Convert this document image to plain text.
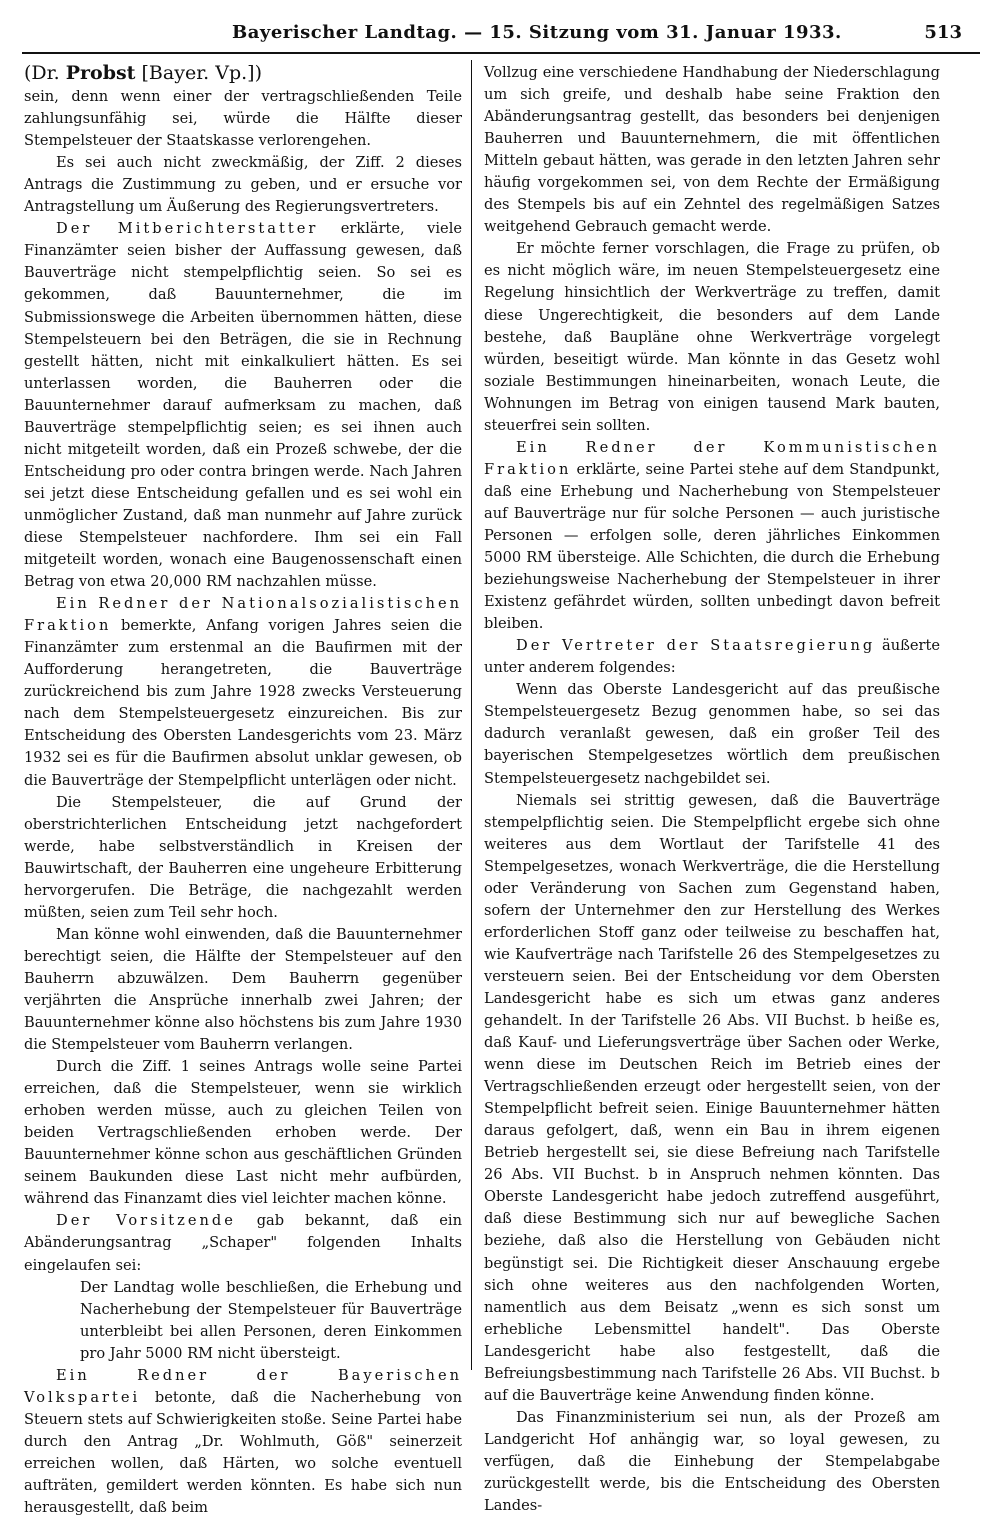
Bayerischer Landtag. — 15. Sitzung vom 31. Januar 1933.	513

(Dr. Probst [Bayer. Vp.])

sein, denn wenn einer der vertragschließenden Teile zahlungsunfähig sei, würde die Hälfte dieser Stempelsteuer der Staatskasse verlorengehen.

Es sei auch nicht zweckmäßig, der Ziff. 2 dieses Antrags die Zustimmung zu geben, und er ersuche vor Antragstellung um Äußerung des Regierungsvertreters.

Der Mitberichterstatter erklärte, viele Finanzämter seien bisher der Auffassung gewesen, daß Bauverträge nicht stempelpflichtig seien. So sei es gekommen, daß Bauunternehmer, die im Submissionswege die Arbeiten übernommen hätten, diese Stempelsteuern bei den Beträgen, die sie in Rechnung gestellt hätten, nicht mit einkalkuliert hätten. Es sei unterlassen worden, die Bauherren oder die Bauunternehmer darauf aufmerksam zu machen, daß Bauverträge stempelpflichtig seien; es sei ihnen auch nicht mitgeteilt worden, daß ein Prozeß schwebe, der die Entscheidung pro oder contra bringen werde. Nach Jahren sei jetzt diese Entscheidung gefallen und es sei wohl ein unmöglicher Zustand, daß man nunmehr auf Jahre zurück diese Stempelsteuer nachfordere. Ihm sei ein Fall mitgeteilt worden, wonach eine Baugenossenschaft einen Betrag von etwa 20,000 RM nachzahlen müsse.

Ein Redner der Nationalsozialistischen Fraktion bemerkte, Anfang vorigen Jahres seien die Finanzämter zum erstenmal an die Baufirmen mit der Aufforderung herangetreten, die Bauverträge zurückreichend bis zum Jahre 1928 zwecks Versteuerung nach dem Stempelsteuergesetz einzureichen. Bis zur Entscheidung des Obersten Landesgerichts vom 23. März 1932 sei es für die Baufirmen absolut unklar gewesen, ob die Bauverträge der Stempelpflicht unterlägen oder nicht.

Die Stempelsteuer, die auf Grund der oberstrichterlichen Entscheidung jetzt nachgefordert werde, habe selbstverständlich in Kreisen der Bauwirtschaft, der Bauherren eine ungeheure Erbitterung hervorgerufen. Die Beträge, die nachgezahlt werden müßten, seien zum Teil sehr hoch.

Man könne wohl einwenden, daß die Bauunternehmer berechtigt seien, die Hälfte der Stempelsteuer auf den Bauherrn abzuwälzen. Dem Bauherrn gegenüber verjährten die Ansprüche innerhalb zwei Jahren; der Bauunternehmer könne also höchstens bis zum Jahre 1930 die Stempelsteuer vom Bauherrn verlangen.

Durch die Ziff. 1 seines Antrags wolle seine Partei erreichen, daß die Stempelsteuer, wenn sie wirklich erhoben werden müsse, auch zu gleichen Teilen von beiden Vertragschließenden erhoben werde. Der Bauunternehmer könne schon aus geschäftlichen Gründen seinem Baukunden diese Last nicht mehr aufbürden, während das Finanzamt dies viel leichter machen könne.

Der Vorsitzende gab bekannt, daß ein Abänderungsantrag „Schaper" folgenden Inhalts eingelaufen sei:

Der Landtag wolle beschließen, die Erhebung und Nacherhebung der Stempelsteuer für Bauverträge unterbleibt bei allen Personen, deren Einkommen pro Jahr 5000 RM nicht übersteigt.

Ein Redner der Bayerischen Volkspartei betonte, daß die Nacherhebung von Steuern stets auf Schwierigkeiten stoße. Seine Partei habe durch den Antrag „Dr. Wohlmuth, Göß" seinerzeit erreichen wollen, daß Härten, wo solche eventuell aufträten, gemildert werden könnten. Es habe sich nun herausgestellt, daß beim

Vollzug eine verschiedene Handhabung der Niederschlagung um sich greife, und deshalb habe seine Fraktion den Abänderungsantrag gestellt, das besonders bei denjenigen Bauherren und Bauunternehmern, die mit öffentlichen Mitteln gebaut hätten, was gerade in den letzten Jahren sehr häufig vorgekommen sei, von dem Rechte der Ermäßigung des Stempels bis auf ein Zehntel des regelmäßigen Satzes weitgehend Gebrauch gemacht werde.

Er möchte ferner vorschlagen, die Frage zu prüfen, ob es nicht möglich wäre, im neuen Stempelsteuergesetz eine Regelung hinsichtlich der Werkverträge zu treffen, damit diese Ungerechtigkeit, die besonders auf dem Lande bestehe, daß Baupläne ohne Werkverträge vorgelegt würden, beseitigt würde. Man könnte in das Gesetz wohl soziale Bestimmungen hineinarbeiten, wonach Leute, die Wohnungen im Betrag von einigen tausend Mark bauten, steuerfrei sein sollten.

Ein Redner der Kommunistischen Fraktion erklärte, seine Partei stehe auf dem Standpunkt, daß eine Erhebung und Nacherhebung von Stempelsteuer auf Bauverträge nur für solche Personen — auch juristische Personen — erfolgen solle, deren jährliches Einkommen 5000 RM übersteige. Alle Schichten, die durch die Erhebung beziehungsweise Nacherhebung der Stempelsteuer in ihrer Existenz gefährdet würden, sollten unbedingt davon befreit bleiben.

Der Vertreter der Staatsregierung äußerte unter anderem folgendes:

Wenn das Oberste Landesgericht auf das preußische Stempelsteuergesetz Bezug genommen habe, so sei das dadurch veranlaßt gewesen, daß ein großer Teil des bayerischen Stempelgesetzes wörtlich dem preußischen Stempelsteuergesetz nachgebildet sei.

Niemals sei strittig gewesen, daß die Bauverträge stempelpflichtig seien. Die Stempelpflicht ergebe sich ohne weiteres aus dem Wortlaut der Tarifstelle 41 des Stempelgesetzes, wonach Werkverträge, die die Herstellung oder Veränderung von Sachen zum Gegenstand haben, sofern der Unternehmer den zur Herstellung des Werkes erforderlichen Stoff ganz oder teilweise zu beschaffen hat, wie Kaufverträge nach Tarifstelle 26 des Stempelgesetzes zu versteuern seien. Bei der Entscheidung vor dem Obersten Landesgericht habe es sich um etwas ganz anderes gehandelt. In der Tarifstelle 26 Abs. VII Buchst. b heiße es, daß Kauf- und Lieferungsverträge über Sachen oder Werke, wenn diese im Deutschen Reich im Betrieb eines der Vertragschließenden erzeugt oder hergestellt seien, von der Stempelpflicht befreit seien. Einige Bauunternehmer hätten daraus gefolgert, daß, wenn ein Bau in ihrem eigenen Betrieb hergestellt sei, sie diese Befreiung nach Tarifstelle 26 Abs. VII Buchst. b in Anspruch nehmen könnten. Das Oberste Landesgericht habe jedoch zutreffend ausgeführt, daß diese Bestimmung sich nur auf bewegliche Sachen beziehe, daß also die Herstellung von Gebäuden nicht begünstigt sei. Die Richtigkeit dieser Anschauung ergebe sich ohne weiteres aus den nachfolgenden Worten, namentlich aus dem Beisatz „wenn es sich sonst um erhebliche Lebensmittel handelt". Das Oberste Landesgericht habe also festgestellt, daß die Befreiungsbestimmung nach Tarifstelle 26 Abs. VII Buchst. b auf die Bauverträge keine Anwendung finden könne.

Das Finanzministerium sei nun, als der Prozeß am Landgericht Hof anhängig war, so loyal gewesen, zu verfügen, daß die Einhebung der Stempelabgabe zurückgestellt werde, bis die Entscheidung des Obersten Landes-
